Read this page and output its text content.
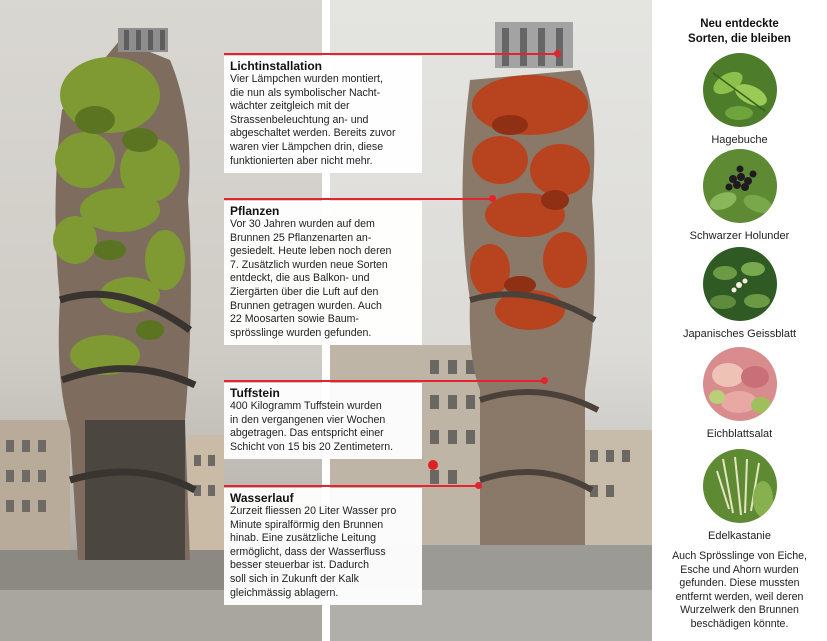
Lichtinstallation
Vier Lämpchen wurden montiert,
die nun als symbolischer Nacht-
wächter zeitgleich mit der
Strassenbeleuchtung an- und
abgeschaltet werden. Bereits zuvor
waren vier Lämpchen drin, diese
funktionierten aber nicht mehr.
Pflanzen
Vor 30 Jahren wurden auf dem
Brunnen 25 Pflanzenarten an-
gesiedelt. Heute leben noch deren
7. Zusätzlich wurden neue Sorten
entdeckt, die aus Balkon- und
Ziergärten über die Luft auf den
Brunnen getragen wurden. Auch
22 Moosarten sowie Baum-
sprösslinge wurden gefunden.
Tuffstein
400 Kilogramm Tuffstein wurden
in den vergangenen vier Wochen
abgetragen. Das entspricht einer
Schicht von 15 bis 20 Zentimetern.
Wasserlauf
Zurzeit fliessen 20 Liter Wasser pro
Minute spiralförmig den Brunnen
hinab. Eine zusätzliche Leitung
ermöglicht, dass der Wasserfluss
besser steuerbar ist. Dadurch
soll sich in Zukunft der Kalk
gleichmässig ablagern.
Neu entdeckte
Sorten, die bleiben
Hagebuche
Schwarzer Holunder
Japanisches Geissblatt
Eichblattsalat
Edelkastanie
Auch Sprösslinge von Eiche,
Esche und Ahorn wurden
gefunden. Diese mussten
entfernt werden, weil deren
Wurzelwerk den Brunnen
beschädigen könnte.
